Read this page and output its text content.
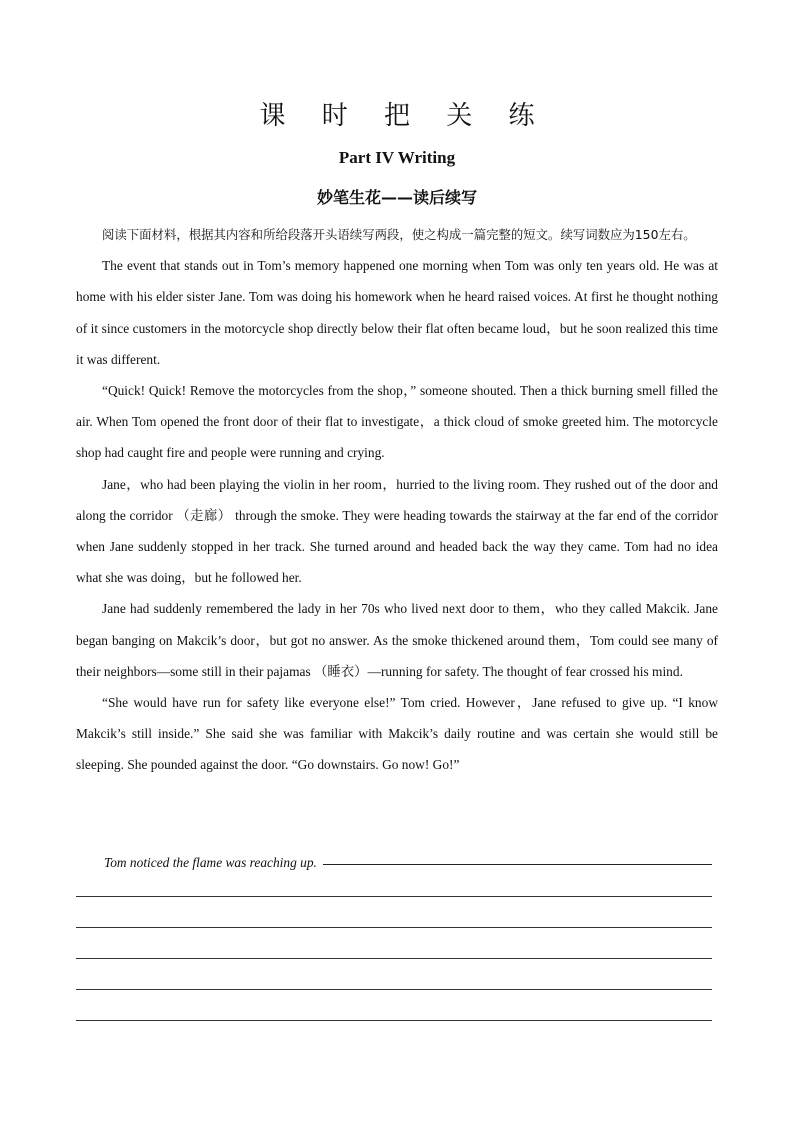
课 时 把 关 练
Part IV Writing
妙笔生花——读后续写

阅读下面材料，根据其内容和所给段落开头语续写两段，使之构成一篇完整的短文。续写词数应为150左右。

The event that stands out in Tom’s memory happened one morning when Tom was only ten years old. He was at home with his elder sister Jane. Tom was doing his homework when he heard raised voices. At first he thought nothing of it since customers in the motorcycle shop directly below their flat often became loud，but he soon realized this time it was different.

“Quick! Quick! Remove the motorcycles from the shop，” someone shouted. Then a thick burning smell filled the air. When Tom opened the front door of their flat to investigate，a thick cloud of smoke greeted him. The motorcycle shop had caught fire and people were running and crying.

Jane，who had been playing the violin in her room，hurried to the living room. They rushed out of the door and along the corridor （走廊） through the smoke. They were heading towards the stairway at the far end of the corridor when Jane suddenly stopped in her track. She turned around and headed back the way they came. Tom had no idea what she was doing，but he followed her.

Jane had suddenly remembered the lady in her 70s who lived next door to them，who they called Makcik. Jane began banging on Makcik’s door，but got no answer. As the smoke thickened around them，Tom could see many of their neighbors—some still in their pajamas （睡衣）—running for safety. The thought of fear crossed his mind.

“She would have run for safety like everyone else!” Tom cried. However，Jane refused to give up. “I know Makcik’s still inside.” She said she was familiar with Makcik’s daily routine and was certain she would still be sleeping. She pounded against the door. “Go downstairs. Go now! Go!”

Tom noticed the flame was reaching up.
